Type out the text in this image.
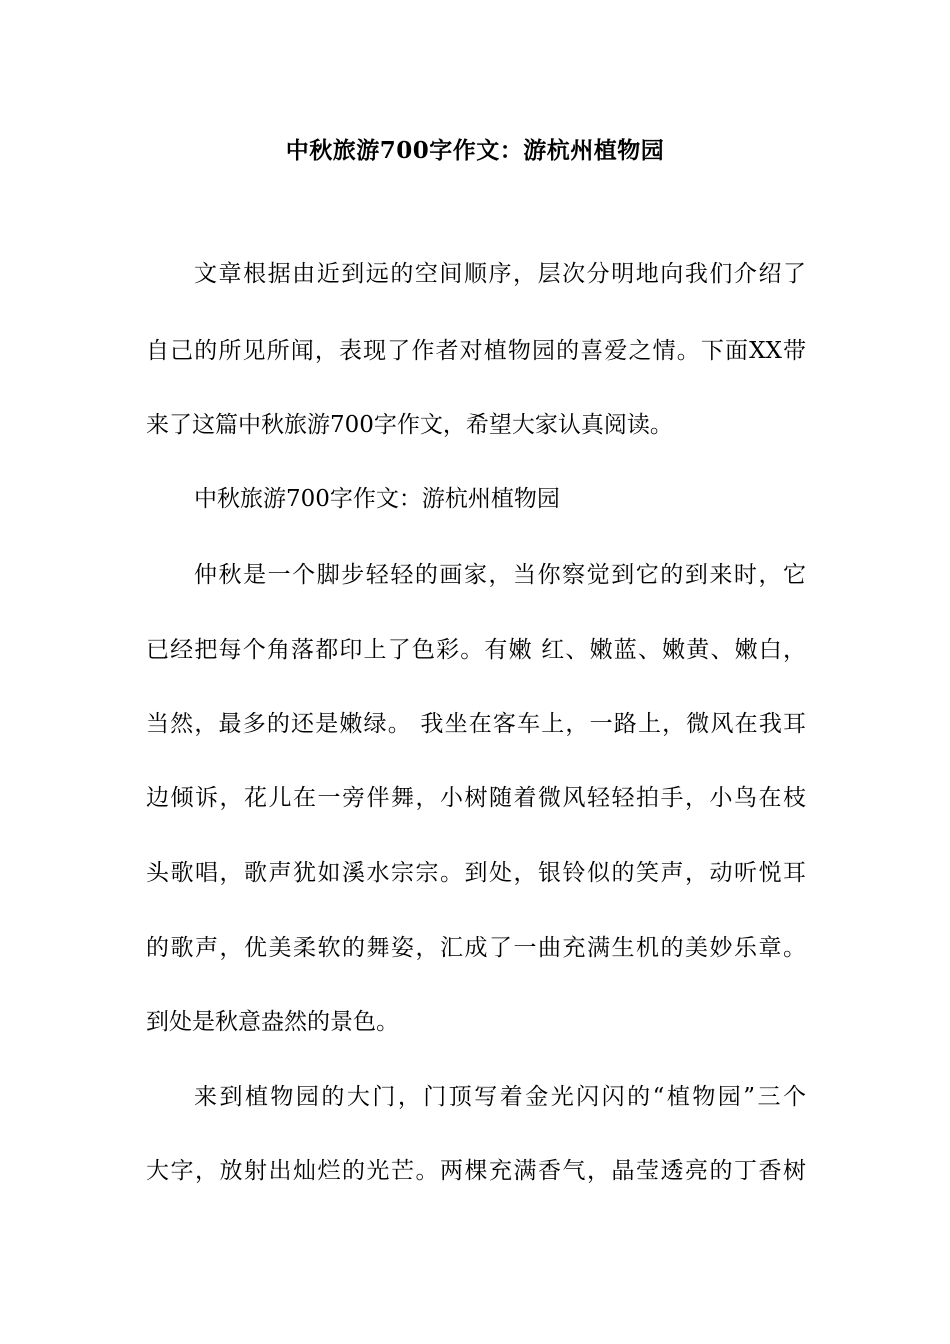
中秋旅游700字作文：游杭州植物园
文章根据由近到远的空间顺序，层次分明地向我们介绍了
自己的所见所闻，表现了作者对植物园的喜爱之情。下面XX带
来了这篇中秋旅游700字作文，希望大家认真阅读。
中秋旅游700字作文：游杭州植物园
仲秋是一个脚步轻轻的画家，当你察觉到它的到来时，它
已经把每个角落都印上了色彩。有嫩 红、嫩蓝、嫩黄、嫩白，
当然，最多的还是嫩绿。 我坐在客车上，一路上，微风在我耳
边倾诉，花儿在一旁伴舞，小树随着微风轻轻拍手，小鸟在枝
头歌唱，歌声犹如溪水宗宗。到处，银铃似的笑声，动听悦耳
的歌声，优美柔软的舞姿，汇成了一曲充满生机的美妙乐章。
到处是秋意盎然的景色。
来到植物园的大门，门顶写着金光闪闪的“植物园”三个
大字，放射出灿烂的光芒。两棵充满香气，晶莹透亮的丁香树
